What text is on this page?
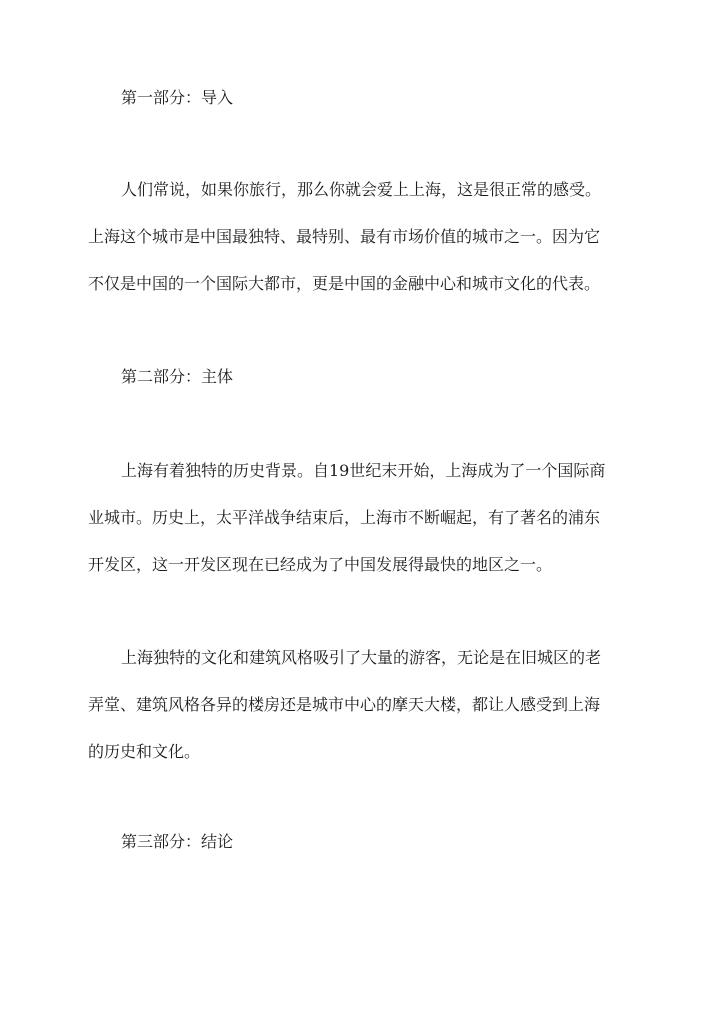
第一部分：导入
人们常说，如果你旅行，那么你就会爱上上海，这是很正常的感受。
上海这个城市是中国最独特、最特别、最有市场价值的城市之一。因为它
不仅是中国的一个国际大都市，更是中国的金融中心和城市文化的代表。
第二部分：主体
上海有着独特的历史背景。自19世纪末开始，上海成为了一个国际商
业城市。历史上，太平洋战争结束后，上海市不断崛起，有了著名的浦东
开发区，这一开发区现在已经成为了中国发展得最快的地区之一。
上海独特的文化和建筑风格吸引了大量的游客，无论是在旧城区的老
弄堂、建筑风格各异的楼房还是城市中心的摩天大楼，都让人感受到上海
的历史和文化。
第三部分：结论
